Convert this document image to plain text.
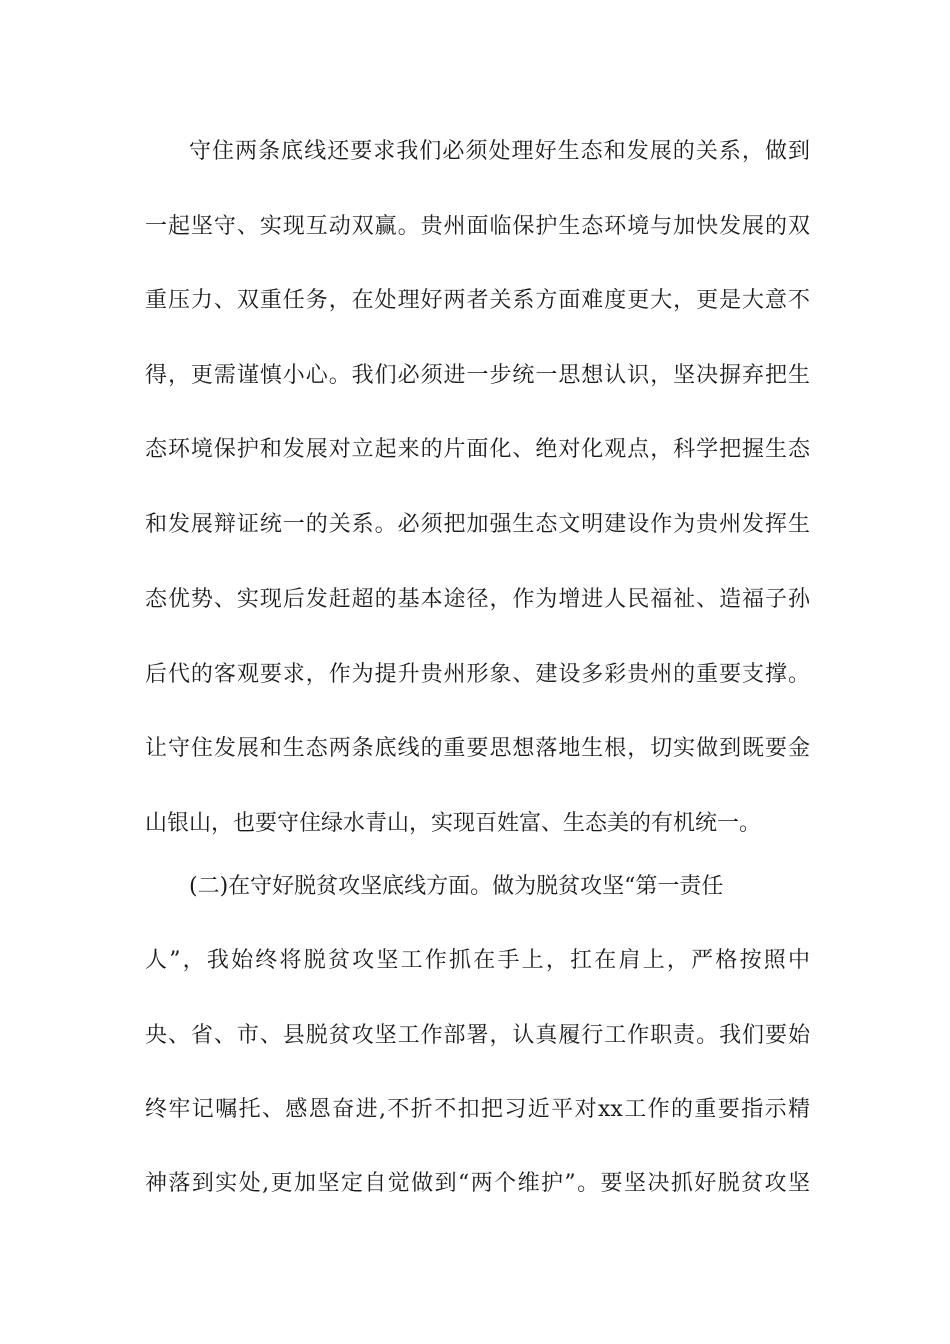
守住两条底线还要求我们必须处理好生态和发展的关系，做到
一起坚守、实现互动双赢。贵州面临保护生态环境与加快发展的双
重压力、双重任务，在处理好两者关系方面难度更大，更是大意不
得，更需谨慎小心。我们必须进一步统一思想认识，坚决摒弃把生
态环境保护和发展对立起来的片面化、绝对化观点，科学把握生态
和发展辩证统一的关系。必须把加强生态文明建设作为贵州发挥生
态优势、实现后发赶超的基本途径，作为增进人民福祉、造福子孙
后代的客观要求，作为提升贵州形象、建设多彩贵州的重要支撑。
让守住发展和生态两条底线的重要思想落地生根，切实做到既要金
山银山，也要守住绿水青山，实现百姓富、生态美的有机统一。
(二)在守好脱贫攻坚底线方面。做为脱贫攻坚“第一责任
人”，我始终将脱贫攻坚工作抓在手上，扛在肩上，严格按照中
央、省、市、县脱贫攻坚工作部署，认真履行工作职责。我们要始
终牢记嘱托、感恩奋进,不折不扣把习近平对xx工作的重要指示精
神落到实处,更加坚定自觉做到“两个维护”。要坚决抓好脱贫攻坚
